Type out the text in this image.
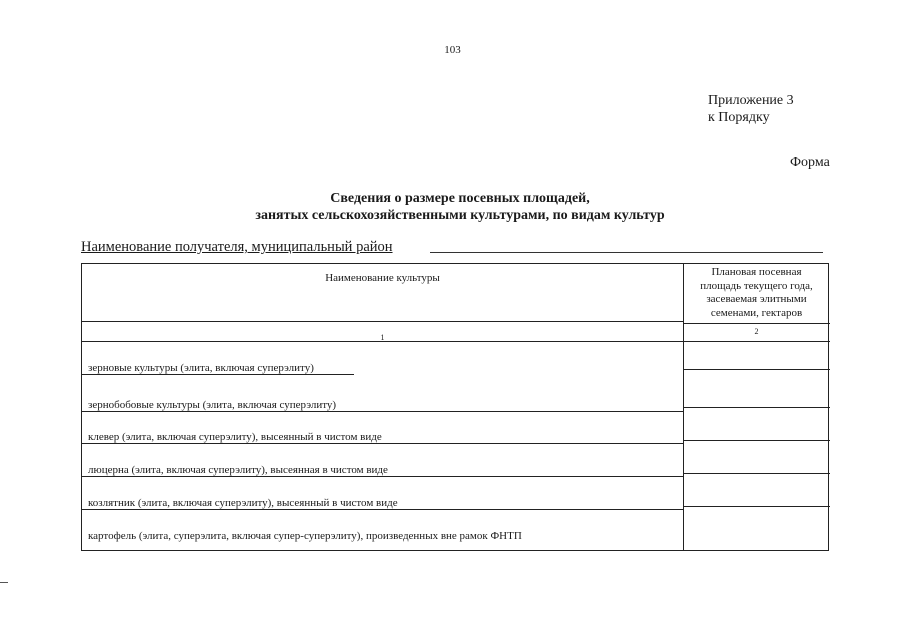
103
Приложение 3
к Порядку
Форма
Сведения о размере посевных площадей,
занятых сельскохозяйственными культурами, по видам культур
Наименование получателя, муниципальный район
Наименование культуры	Плановая посевная
площадь текущего года,
засеваемая элитными
семенами, гектаров
1
2
зерновые культуры (элита, включая суперэлиту)
зернобобовые культуры (элита, включая суперэлиту)
клевер (элита, включая суперэлиту), высеянный в чистом виде
люцерна (элита, включая суперэлиту), высеянная в чистом виде
козлятник (элита, включая суперэлиту), высеянный в чистом виде
картофель (элита, суперэлита, включая супер-суперэлиту), произведенных вне рамок ФНТП
